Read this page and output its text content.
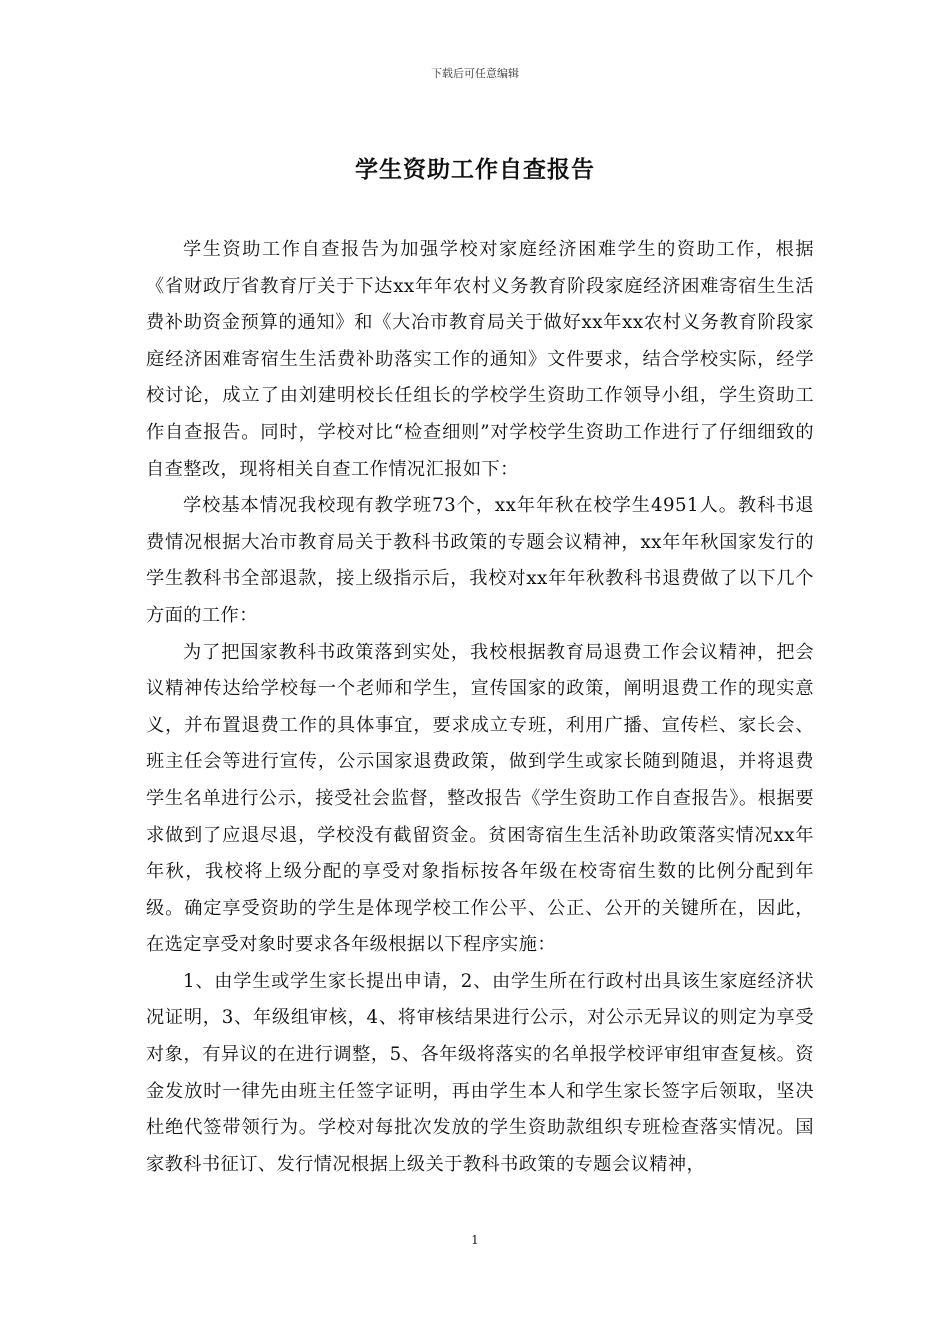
下载后可任意编辑
学生资助工作自查报告

学生资助工作自查报告为加强学校对家庭经济困难学生的资助工作，根据《省财政厅省教育厅关于下达xx年年农村义务教育阶段家庭经济困难寄宿生生活费补助资金预算的通知》和《大冶市教育局关于做好xx年xx农村义务教育阶段家庭经济困难寄宿生生活费补助落实工作的通知》文件要求，结合学校实际，经学校讨论，成立了由刘建明校长任组长的学校学生资助工作领导小组，学生资助工作自查报告。同时，学校对比“检查细则”对学校学生资助工作进行了仔细细致的自查整改，现将相关自查工作情况汇报如下：

学校基本情况我校现有教学班73个，xx年年秋在校学生4951人。教科书退费情况根据大冶市教育局关于教科书政策的专题会议精神，xx年年秋国家发行的学生教科书全部退款，接上级指示后，我校对xx年年秋教科书退费做了以下几个方面的工作：

为了把国家教科书政策落到实处，我校根据教育局退费工作会议精神，把会议精神传达给学校每一个老师和学生，宣传国家的政策，阐明退费工作的现实意义，并布置退费工作的具体事宜，要求成立专班，利用广播、宣传栏、家长会、班主任会等进行宣传，公示国家退费政策，做到学生或家长随到随退，并将退费学生名单进行公示，接受社会监督，整改报告《学生资助工作自查报告》。根据要求做到了应退尽退，学校没有截留资金。贫困寄宿生生活补助政策落实情况xx年年秋，我校将上级分配的享受对象指标按各年级在校寄宿生数的比例分配到年级。确定享受资助的学生是体现学校工作公平、公正、公开的关键所在，因此，在选定享受对象时要求各年级根据以下程序实施：

1、由学生或学生家长提出申请，2、由学生所在行政村出具该生家庭经济状况证明，3、年级组审核，4、将审核结果进行公示，对公示无异议的则定为享受对象，有异议的在进行调整，5、各年级将落实的名单报学校评审组审查复核。资金发放时一律先由班主任签字证明，再由学生本人和学生家长签字后领取，坚决杜绝代签带领行为。学校对每批次发放的学生资助款组织专班检查落实情况。国家教科书征订、发行情况根据上级关于教科书政策的专题会议精神，

1
